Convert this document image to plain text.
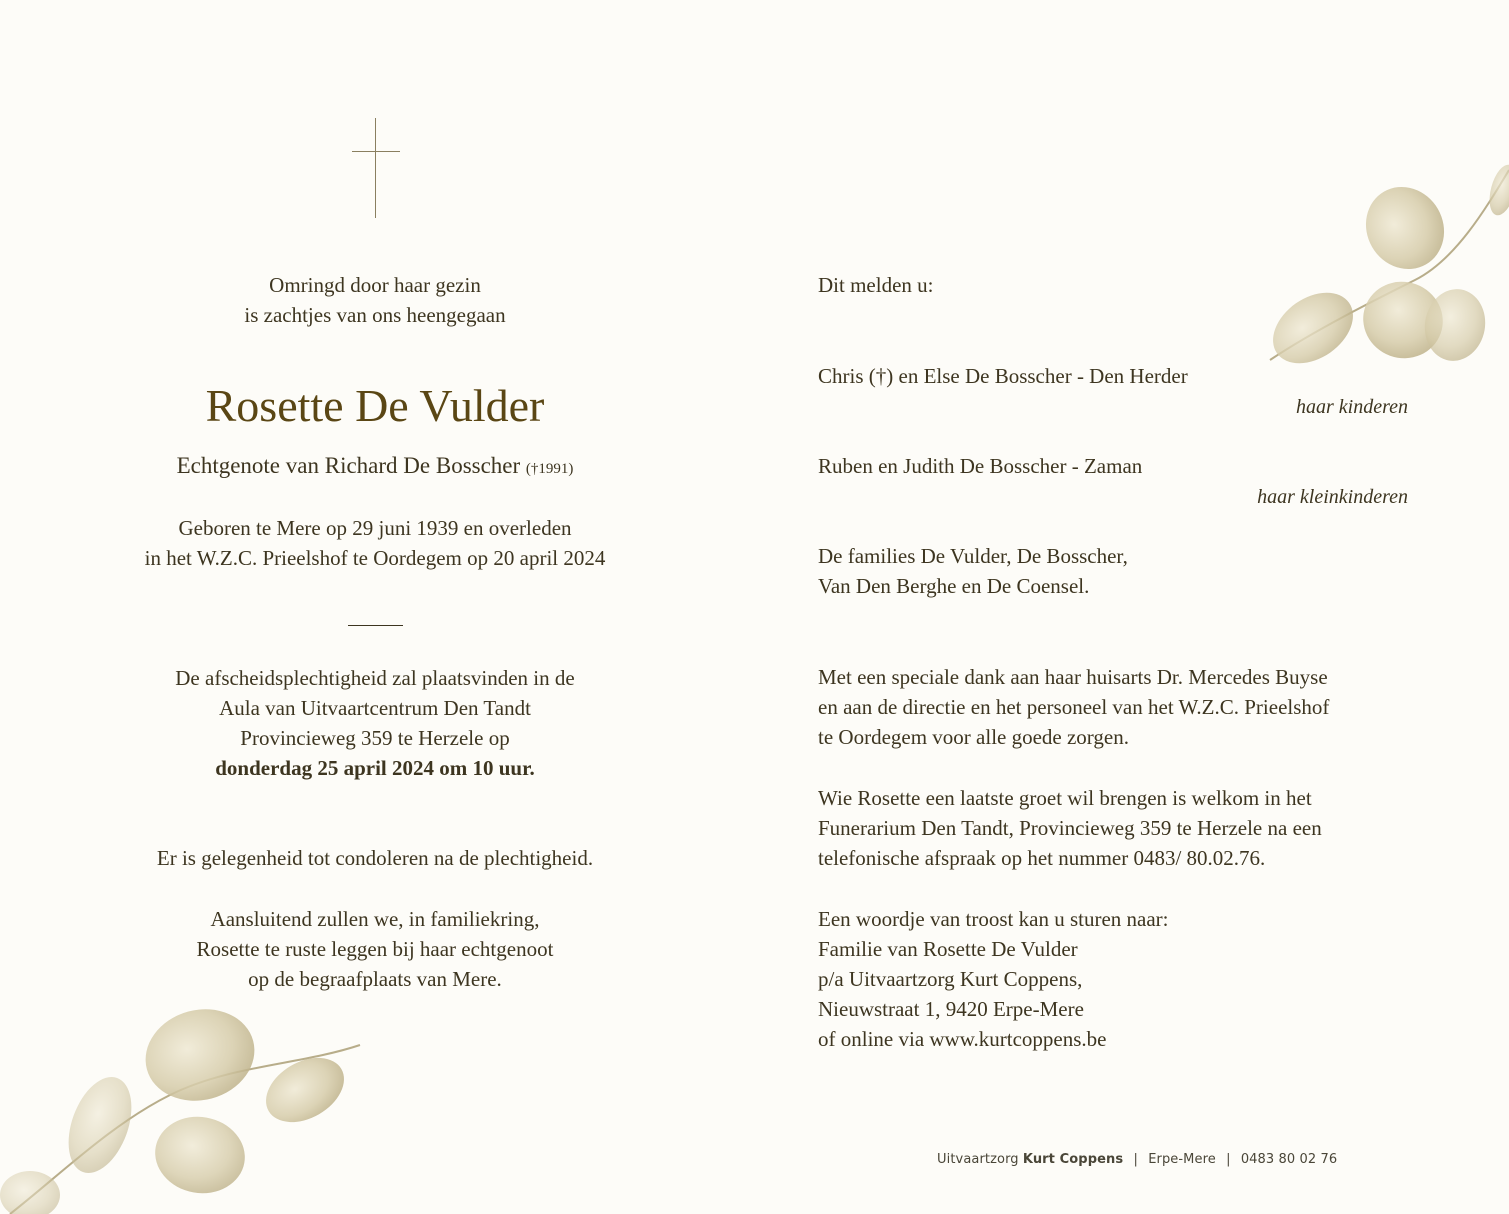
Omringd door haar gezin
is zachtjes van ons heengegaan
Rosette De Vulder
Echtgenote van Richard De Bosscher (†1991)
Geboren te Mere op 29 juni 1939 en overleden
in het W.Z.C. Prieelshof te Oordegem op 20 april 2024
De afscheidsplechtigheid zal plaatsvinden in de
Aula van Uitvaartcentrum Den Tandt
Provincieweg 359 te Herzele op
donderdag 25 april 2024 om 10 uur.
Er is gelegenheid tot condoleren na de plechtigheid.
Aansluitend zullen we, in familiekring,
Rosette te ruste leggen bij haar echtgenoot
op de begraafplaats van Mere.
Dit melden u:
Chris (†) en Else De Bosscher - Den Herder
haar kinderen
Ruben en Judith De Bosscher - Zaman
haar kleinkinderen
De families De Vulder, De Bosscher,
Van Den Berghe en De Coensel.
Met een speciale dank aan haar huisarts Dr. Mercedes Buyse
en aan de directie en het personeel van het W.Z.C. Prieelshof
te Oordegem voor alle goede zorgen.
Wie Rosette een laatste groet wil brengen is welkom in het
Funerarium Den Tandt, Provincieweg 359 te Herzele na een
telefonische afspraak op het nummer 0483/ 80.02.76.
Een woordje van troost kan u sturen naar:
Familie van Rosette De Vulder
p/a Uitvaartzorg Kurt Coppens,
Nieuwstraat 1, 9420 Erpe-Mere
of online via www.kurtcoppens.be
Uitvaartzorg Kurt Coppens | Erpe-Mere | 0483 80 02 76
